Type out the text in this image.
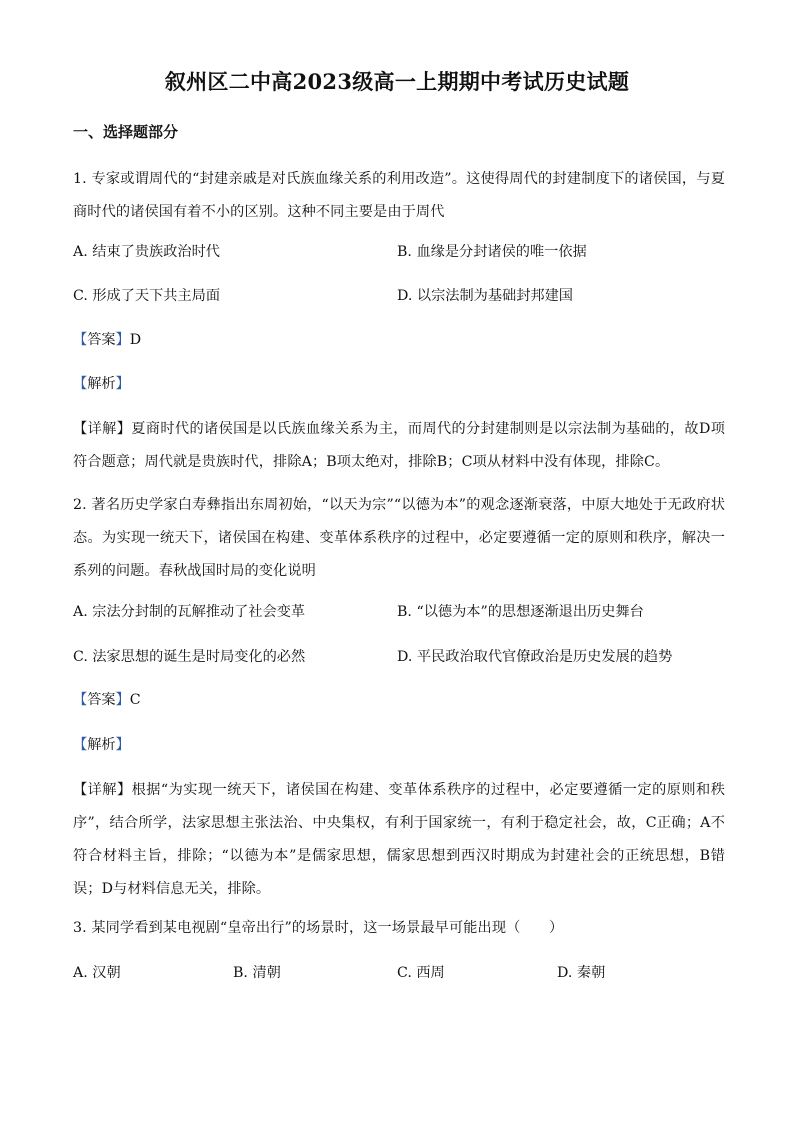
叙州区二中高2023级高一上期期中考试历史试题
一、选择题部分
1. 专家或谓周代的“封建亲戚是对氏族血缘关系的利用改造”。这使得周代的封建制度下的诸侯国，与夏商时代的诸侯国有着不小的区别。这种不同主要是由于周代
A. 结束了贵族政治时代	B. 血缘是分封诸侯的唯一依据
C. 形成了天下共主局面	D. 以宗法制为基础封邦建国
【答案】D
【解析】
【详解】夏商时代的诸侯国是以氏族血缘关系为主，而周代的分封建制则是以宗法制为基础的，故D项符合题意；周代就是贵族时代，排除A；B项太绝对，排除B；C项从材料中没有体现，排除C。
2. 著名历史学家白寿彝指出东周初始，“以天为宗”“以德为本”的观念逐渐衰落，中原大地处于无政府状态。为实现一统天下，诸侯国在构建、变革体系秩序的过程中，必定要遵循一定的原则和秩序，解决一系列的问题。春秋战国时局的变化说明
A. 宗法分封制的瓦解推动了社会变革	B. “以德为本”的思想逐渐退出历史舞台
C. 法家思想的诞生是时局变化的必然	D. 平民政治取代官僚政治是历史发展的趋势
【答案】C
【解析】
【详解】根据“为实现一统天下，诸侯国在构建、变革体系秩序的过程中，必定要遵循一定的原则和秩序”，结合所学，法家思想主张法治、中央集权，有利于国家统一，有利于稳定社会，故，C正确；A不符合材料主旨，排除；“以德为本”是儒家思想，儒家思想到西汉时期成为封建社会的正统思想，B错误；D与材料信息无关，排除。
3. 某同学看到某电视剧“皇帝出行”的场景时，这一场景最早可能出现（　　）
A. 汉朝	B. 清朝	C. 西周	D. 秦朝
